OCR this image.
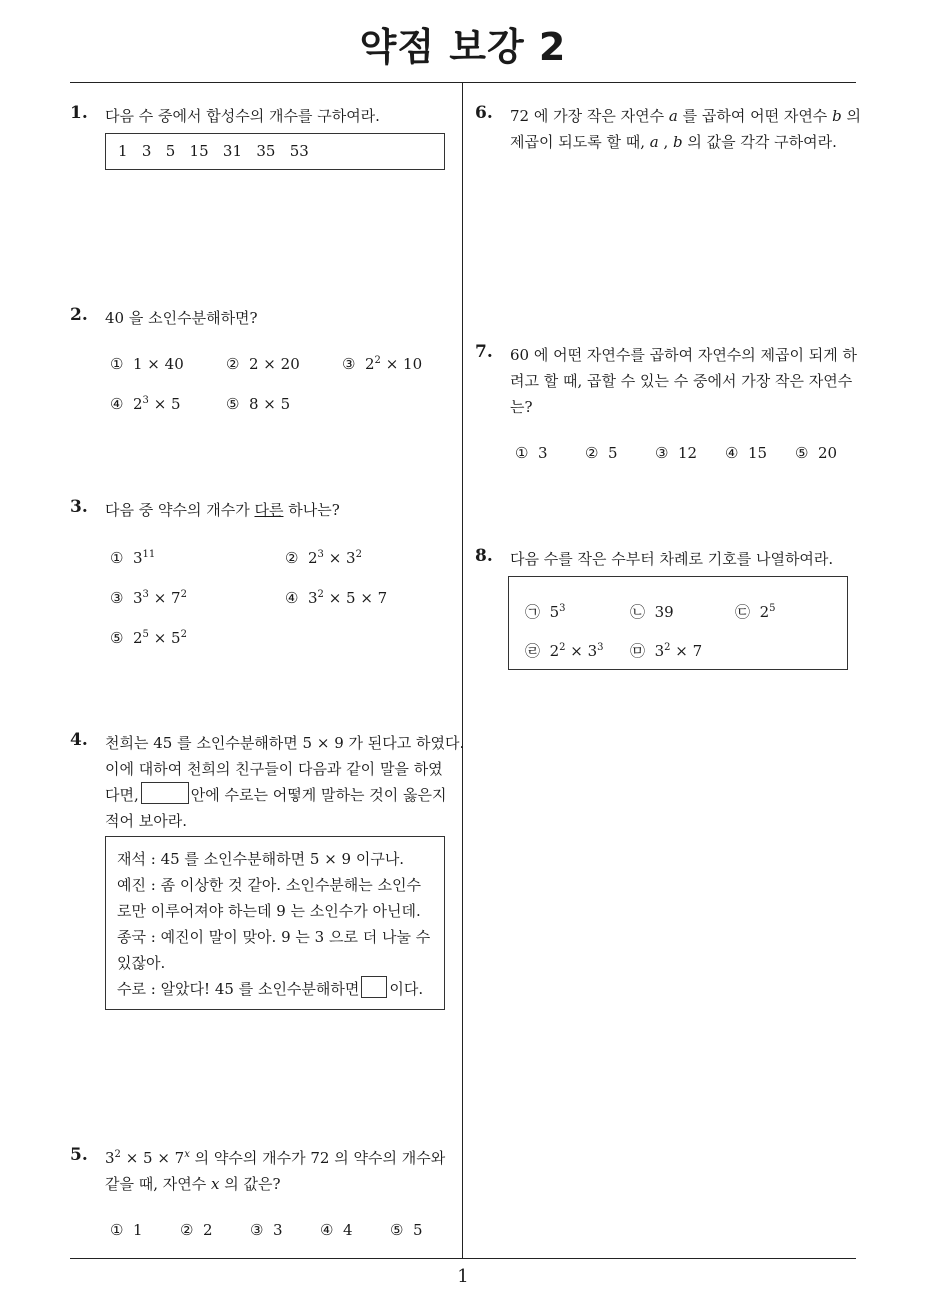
약점 보강 2
1. 다음 수 중에서 합성수의 개수를 구하여라.
1   3   5   15   31   35   53
2. 40 을 소인수분해하면?
① 1 × 40	② 2 × 20	③ $2^2 \times 10$
④ $2^3 \times 5$	⑤ 8 × 5
3. 다음 중 약수의 개수가 다른 하나는?
① $3^{11}$	② $2^3 \times 3^2$
③ $3^3 \times 7^2$	④ $3^2 \times 5 \times 7$
⑤ $2^5 \times 5^2$
4. 천희는 45 를 소인수분해하면 5 × 9 가 된다고 하였다.
이에 대하여 천희의 친구들이 다음과 같이 말을 하였
다면,	안에 수로는 어떻게 말하는 것이 옳은지
적어 보아라.
재석 : 45 를 소인수분해하면 5 × 9 이구나.
예진 : 좀 이상한 것 같아. 소인수분해는 소인수
로만 이루어져야 하는데 9 는 소인수가 아닌데.
종국 : 예진이 말이 맞아. 9 는 3 으로 더 나눌 수
있잖아.
수로 : 알았다! 45 를 소인수분해하면 이다.
5. $3^2 \times 5 \times 7^x$ 의 약수의 개수가 72 의 약수의 개수와
같을 때, 자연수 x 의 값은?
① 1 ② 2 ③ 3 ④ 4 ⑤ 5
6. 72 에 가장 작은 자연수 a 를 곱하여 어떤 자연수 b 의
제곱이 되도록 할 때, a , b 의 값을 각각 구하여라.
7. 60 에 어떤 자연수를 곱하여 자연수의 제곱이 되게 하
려고 할 때, 곱할 수 있는 수 중에서 가장 작은 자연수
는?
① 3 ② 5 ③ 12 ④ 15 ⑤ 20
8. 다음 수를 작은 수부터 차례로 기호를 나열하여라.
㉠ $5^3$	㉡ 39	㉢ $2^5$
㉣ $2^2 \times 3^3$ ㉤ $3^2 \times 7$
1
